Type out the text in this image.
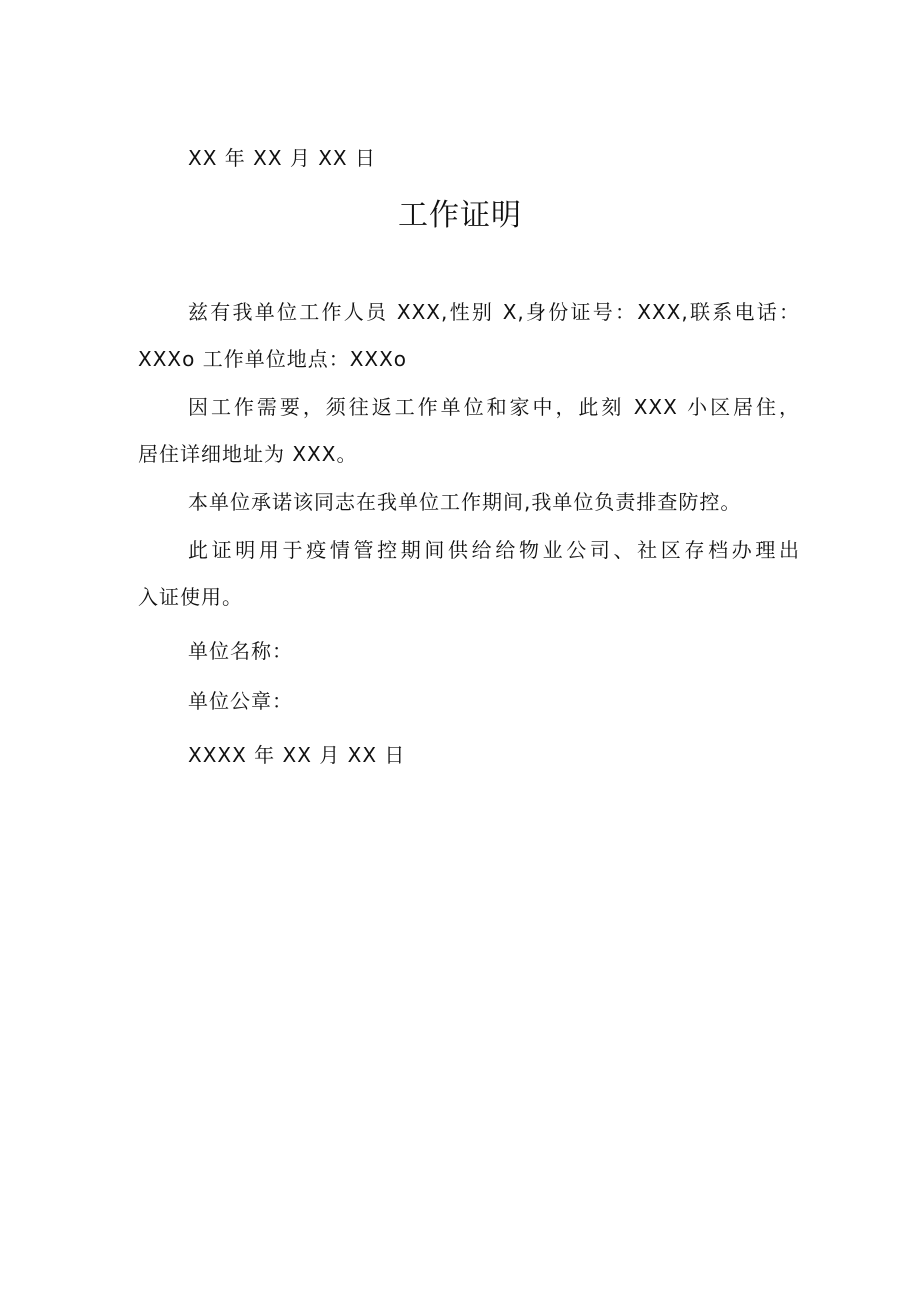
XX 年 XX 月 XX 日
工作证明
兹有我单位工作人员 XXX,性别 X,身份证号：XXX,联系电话：
XXXo 工作单位地点：XXXo
因工作需要，须往返工作单位和家中，此刻 XXX 小区居住，
居住详细地址为 XXX。
本单位承诺该同志在我单位工作期间,我单位负责排查防控。
此证明用于疫情管控期间供给给物业公司、社区存档办理出
入证使用。
单位名称：
单位公章：
XXXX 年 XX 月 XX 日
